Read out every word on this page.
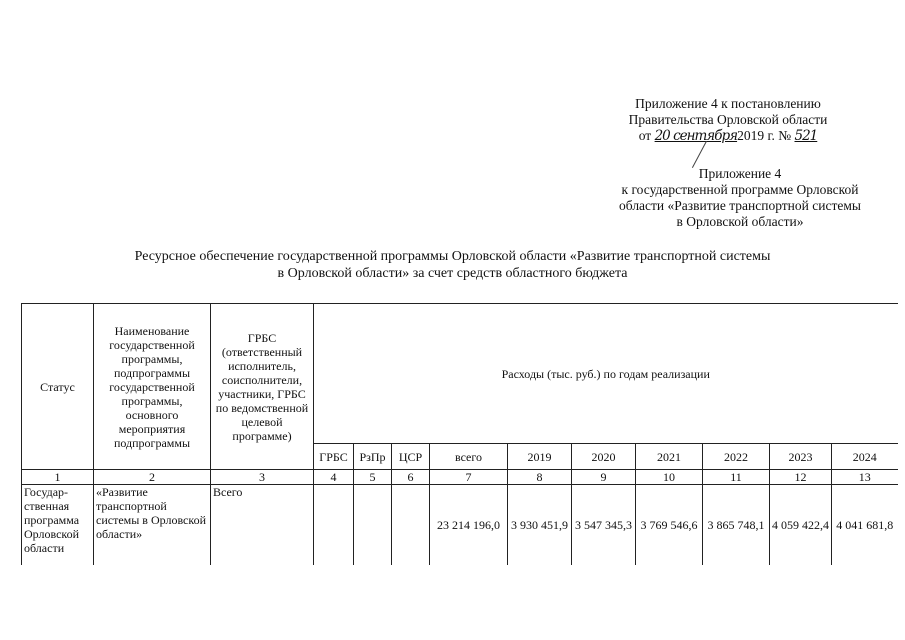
Приложение 4 к постановлению
Правительства Орловской области
от 20 сентября2019 г. № 521
Приложение 4
к государственной программе Орловской
области «Развитие транспортной системы
в Орловской области»
Ресурсное обеспечение государственной программы Орловской области «Развитие транспортной системы
в Орловской области» за счет средств областного бюджета
Статус	Наименование государственной программы, подпрограммы государственной программы, основного мероприятия подпрограммы	ГРБС (ответственный исполнитель, соисполнители, участники, ГРБС по ведомственной целевой программе)	Расходы (тыс. руб.) по годам реализации									
			ГРБС	РзПр	ЦСР	всего	2019	2020	2021	2022	2023	2024
1	2	3	4	5	6	7	8	9	10	11	12	13
Государ-ственная программа Орловской области	«Развитие транспортной системы в Орловской области»	Всего				23 214 196,0	3 930 451,9	3 547 345,3	3 769 546,6	3 865 748,1	4 059 422,4	4 041 681,8
